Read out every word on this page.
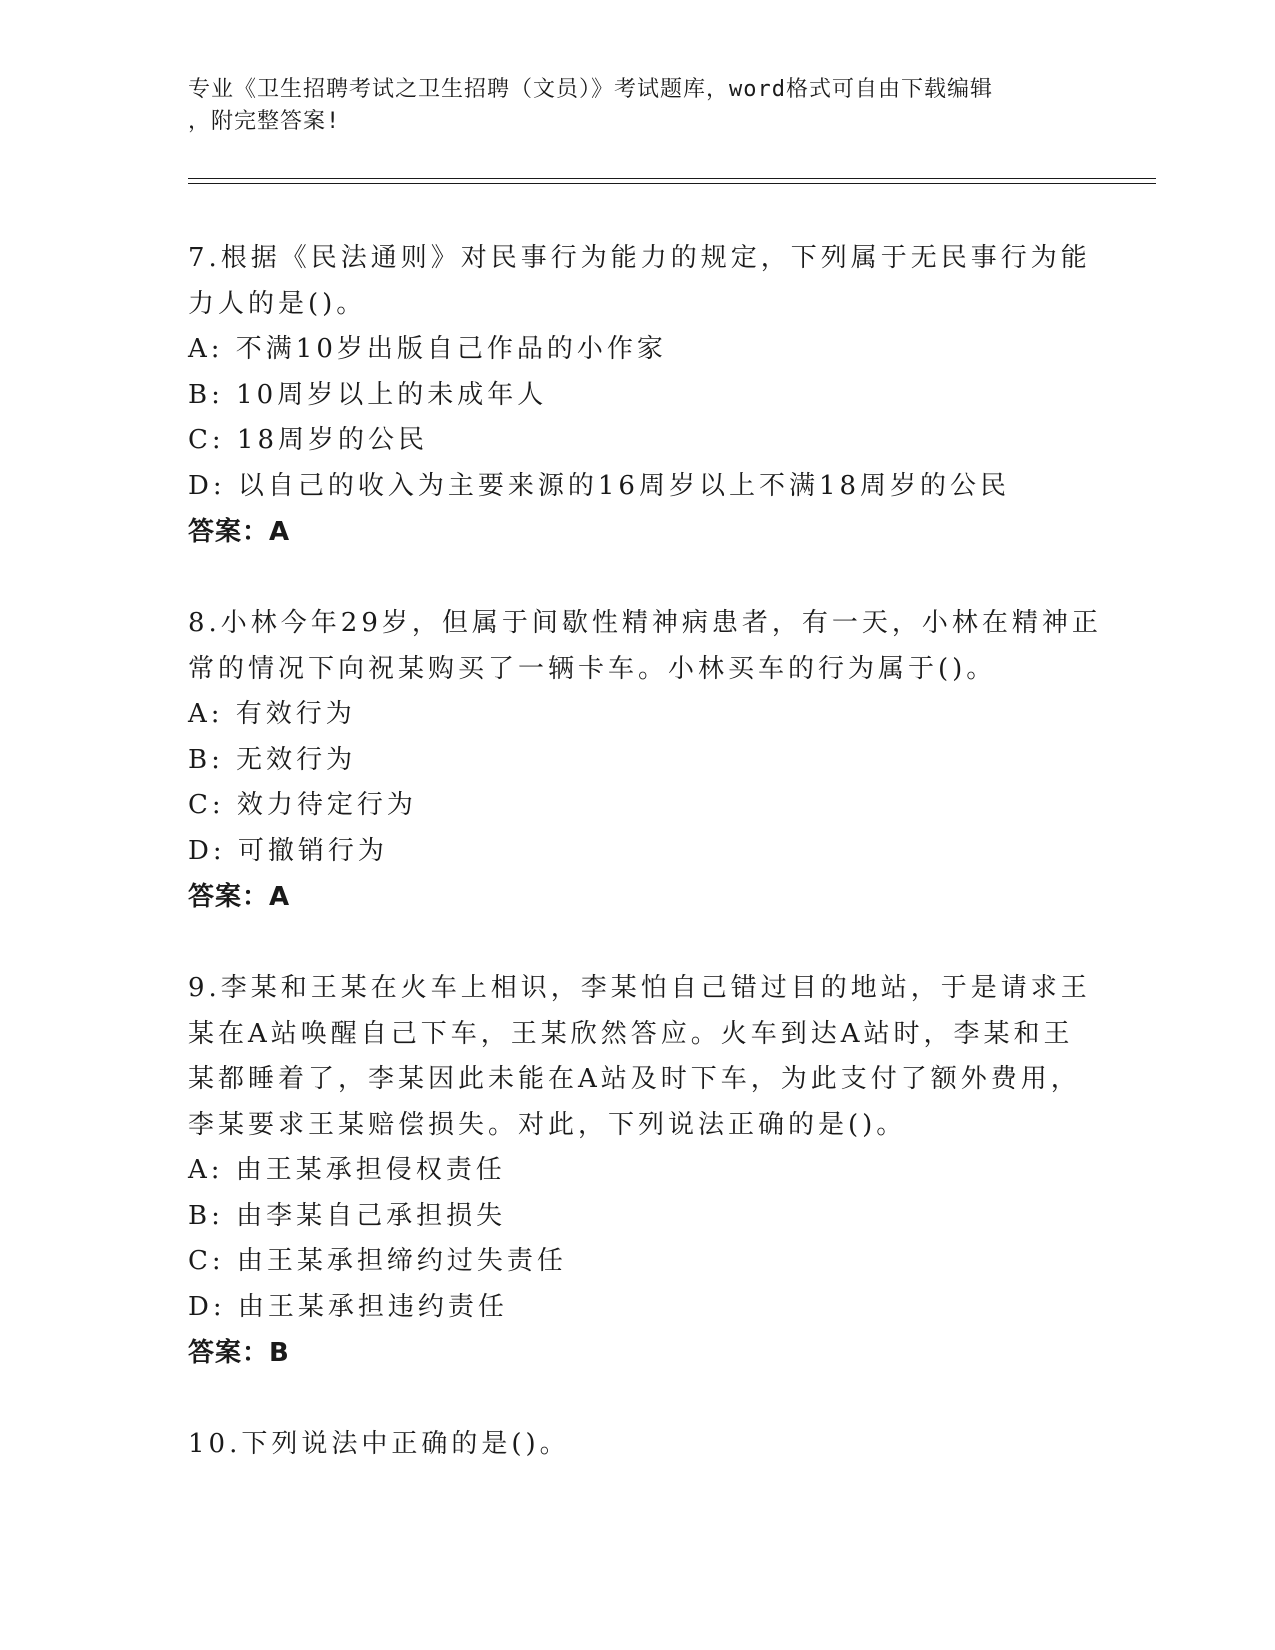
专业《卫生招聘考试之卫生招聘（文员）》考试题库，word格式可自由下载编辑
，附完整答案!
7.根据《民法通则》对民事行为能力的规定，下列属于无民事行为能
力人的是()。
A: 不满10岁出版自己作品的小作家
B: 10周岁以上的未成年人
C: 18周岁的公民
D: 以自己的收入为主要来源的16周岁以上不满18周岁的公民
答案：A
8.小林今年29岁，但属于间歇性精神病患者，有一天，小林在精神正
常的情况下向祝某购买了一辆卡车。小林买车的行为属于()。
A: 有效行为
B: 无效行为
C: 效力待定行为
D: 可撤销行为
答案：A
9.李某和王某在火车上相识，李某怕自己错过目的地站，于是请求王
某在A站唤醒自己下车，王某欣然答应。火车到达A站时，李某和王
某都睡着了，李某因此未能在A站及时下车，为此支付了额外费用，
李某要求王某赔偿损失。对此，下列说法正确的是()。
A: 由王某承担侵权责任
B: 由李某自己承担损失
C: 由王某承担缔约过失责任
D: 由王某承担违约责任
答案：B
10.下列说法中正确的是()。
